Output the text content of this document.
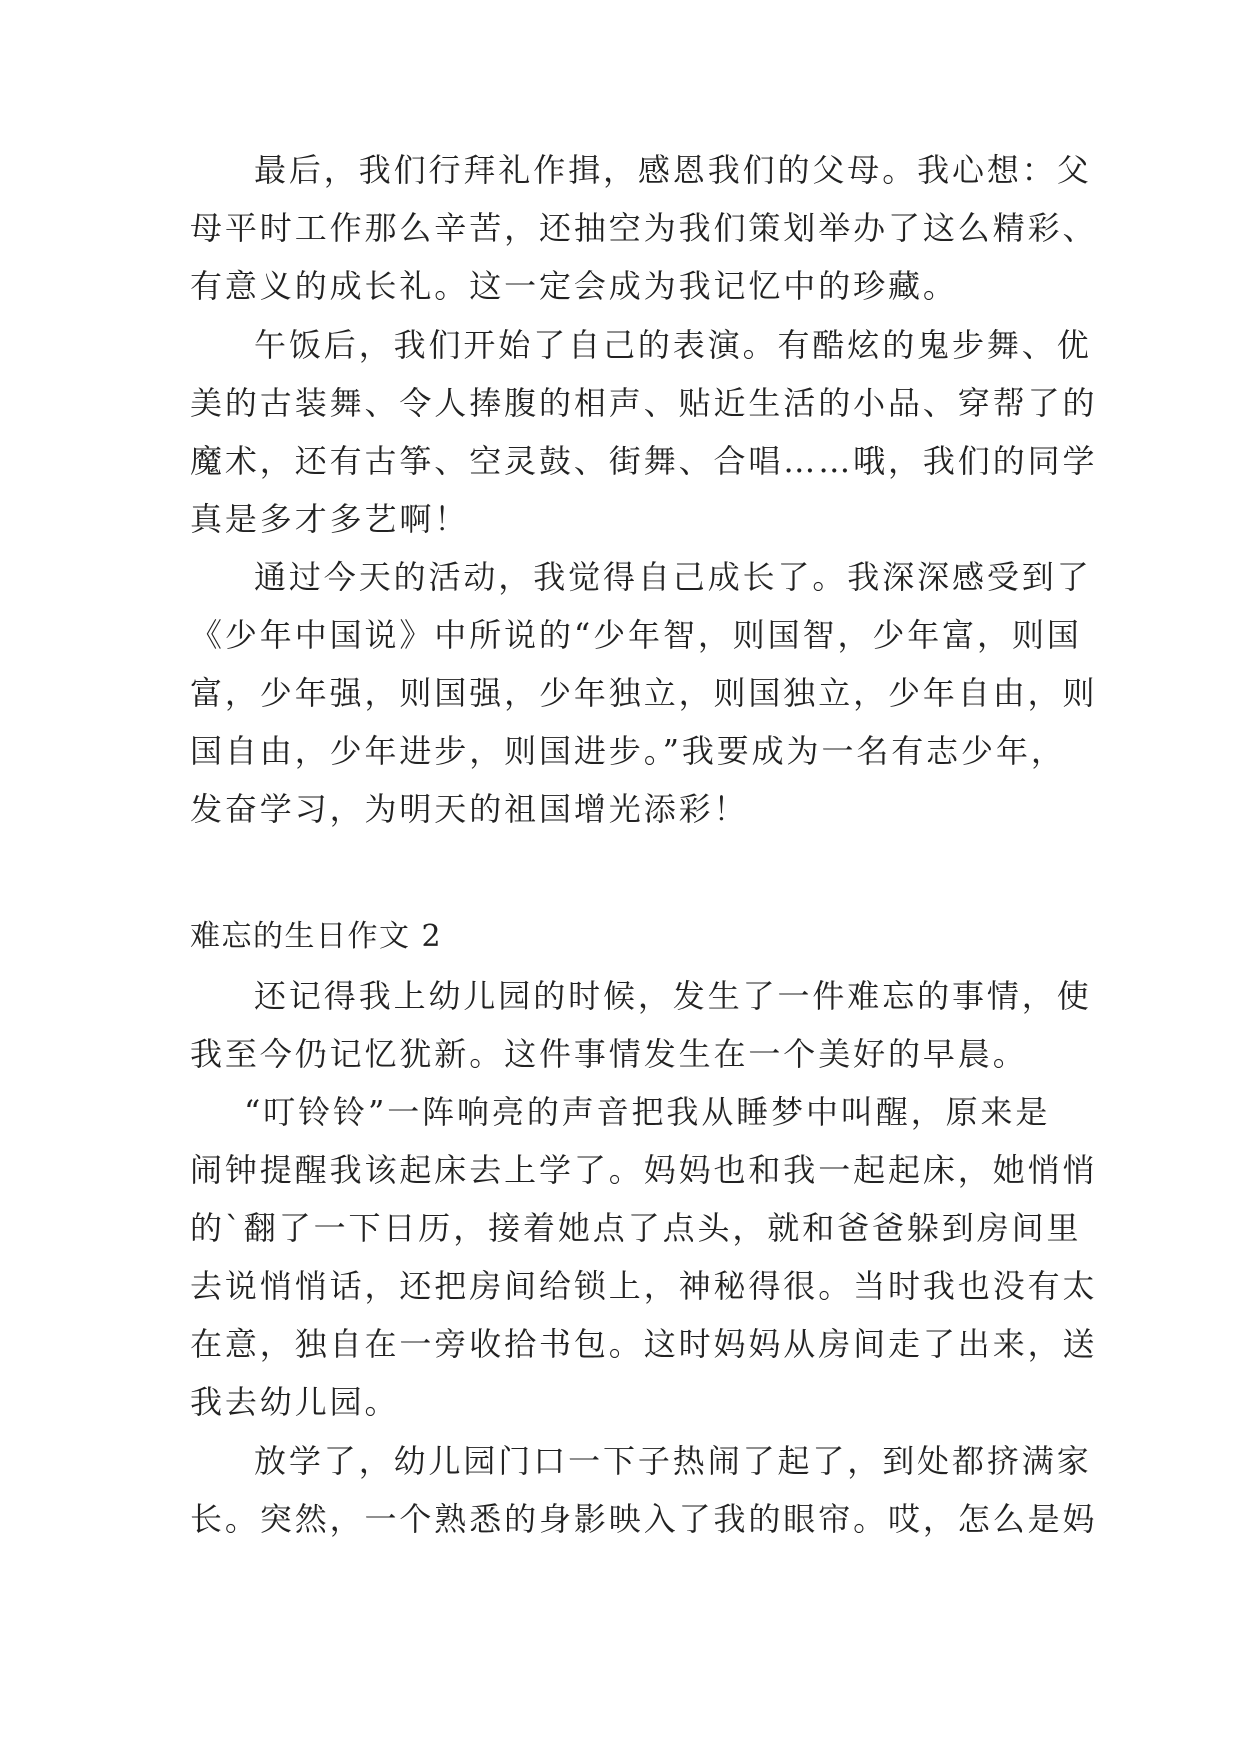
最后，我们行拜礼作揖，感恩我们的父母。我心想：父

母平时工作那么辛苦，还抽空为我们策划举办了这么精彩、

有意义的成长礼。这一定会成为我记忆中的珍藏。

午饭后，我们开始了自己的表演。有酷炫的鬼步舞、优

美的古装舞、令人捧腹的相声、贴近生活的小品、穿帮了的

魔术，还有古筝、空灵鼓、街舞、合唱……哦，我们的同学

真是多才多艺啊！

通过今天的活动，我觉得自己成长了。我深深感受到了

《少年中国说》中所说的“少年智，则国智，少年富，则国

富，少年强，则国强，少年独立，则国独立，少年自由，则

国自由，少年进步，则国进步。”我要成为一名有志少年，

发奋学习，为明天的祖国增光添彩！

难忘的生日作文 2

还记得我上幼儿园的时候，发生了一件难忘的事情，使

我至今仍记忆犹新。这件事情发生在一个美好的早晨。

“叮铃铃”一阵响亮的声音把我从睡梦中叫醒，原来是

闹钟提醒我该起床去上学了。妈妈也和我一起起床，她悄悄

的`翻了一下日历，接着她点了点头，就和爸爸躲到房间里

去说悄悄话，还把房间给锁上，神秘得很。当时我也没有太

在意，独自在一旁收拾书包。这时妈妈从房间走了出来，送

我去幼儿园。

放学了，幼儿园门口一下子热闹了起了，到处都挤满家

长。突然，一个熟悉的身影映入了我的眼帘。哎，怎么是妈
